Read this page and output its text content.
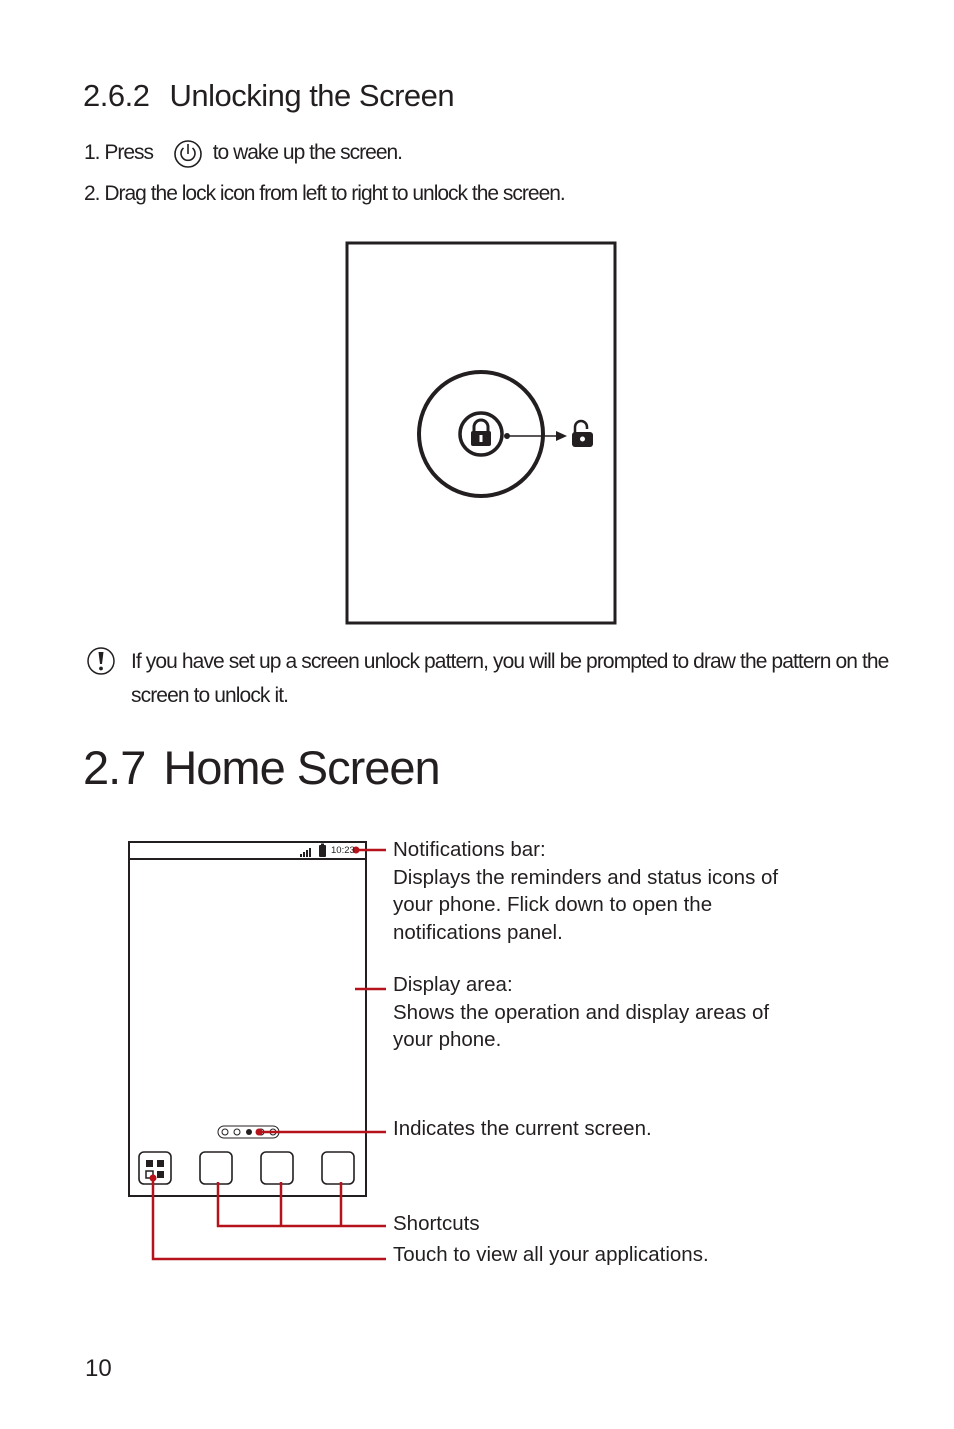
2.6.2 Unlocking the Screen
1. Press	to wake up the screen.
2. Drag the lock icon from left to right to unlock the screen.
If you have set up a screen unlock pattern, you will be prompted to draw the pattern on the screen to unlock it.
2.7 Home Screen
10:23 Notifications bar:
Displays the reminders and status icons of
your phone. Flick down to open the
notifications panel.
Display area:
Shows the operation and display areas of
your phone.
Indicates the current screen.
Shortcuts
Touch to view all your applications.
10
